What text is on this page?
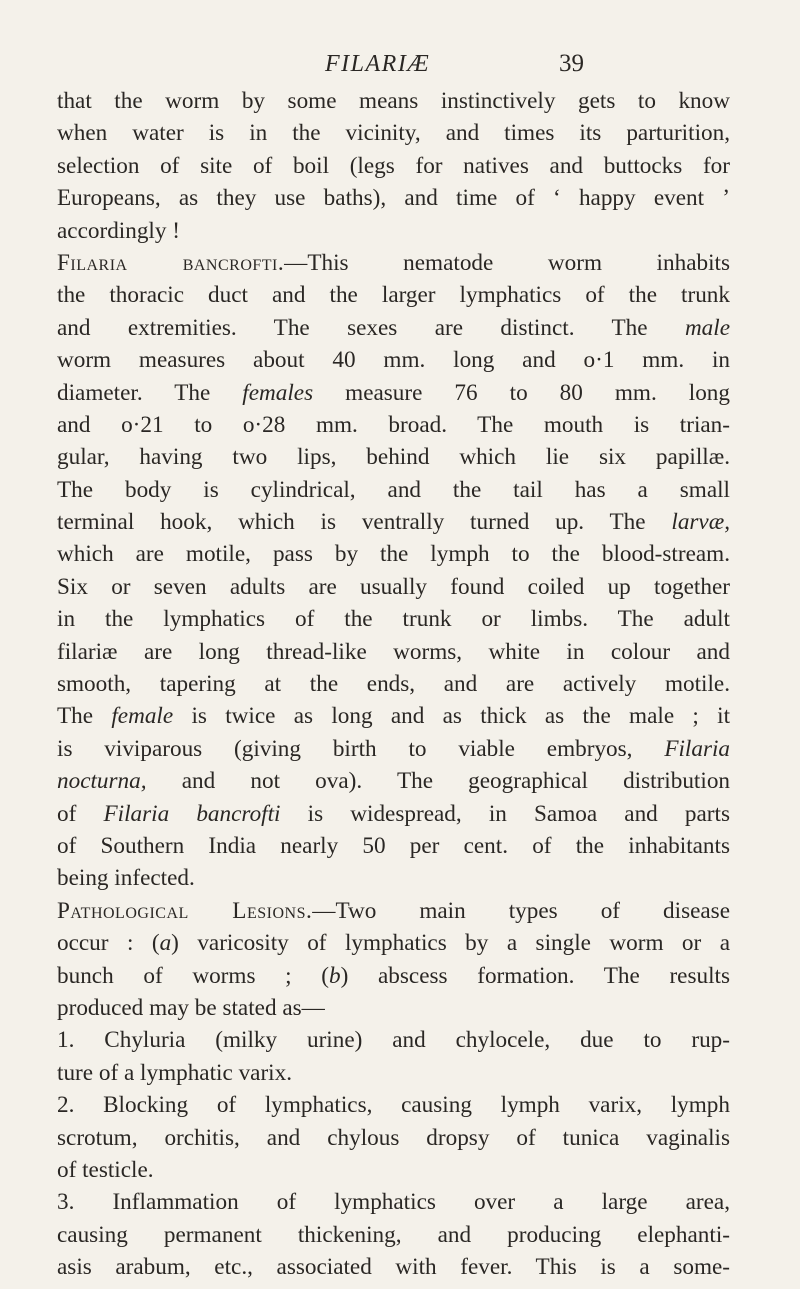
FILARIÆ	39
that the worm by some means instinctively gets to know
when water is in the vicinity, and times its parturition,
selection of site of boil (legs for natives and buttocks for
Europeans, as they use baths), and time of ‘ happy event ’
accordingly !
Filaria bancrofti.—This nematode worm inhabits
the thoracic duct and the larger lymphatics of the trunk
and extremities. The sexes are distinct. The male
worm measures about 40 mm. long and o·1 mm. in
diameter. The females measure 76 to 80 mm. long
and o·21 to o·28 mm. broad. The mouth is trian-
gular, having two lips, behind which lie six papillæ.
The body is cylindrical, and the tail has a small
terminal hook, which is ventrally turned up. The larvæ,
which are motile, pass by the lymph to the blood-stream.
Six or seven adults are usually found coiled up together
in the lymphatics of the trunk or limbs. The adult
filariæ are long thread-like worms, white in colour and
smooth, tapering at the ends, and are actively motile.
The female is twice as long and as thick as the male ; it
is viviparous (giving birth to viable embryos, Filaria
nocturna, and not ova). The geographical distribution
of Filaria bancrofti is widespread, in Samoa and parts
of Southern India nearly 50 per cent. of the inhabitants
being infected.
Pathological Lesions.—Two main types of disease
occur : (a) varicosity of lymphatics by a single worm or a
bunch of worms ; (b) abscess formation. The results
produced may be stated as—
1. Chyluria (milky urine) and chylocele, due to rup-
ture of a lymphatic varix.
2. Blocking of lymphatics, causing lymph varix, lymph
scrotum, orchitis, and chylous dropsy of tunica vaginalis
of testicle.
3. Inflammation of lymphatics over a large area,
causing permanent thickening, and producing elephanti-
asis arabum, etc., associated with fever. This is a some-
